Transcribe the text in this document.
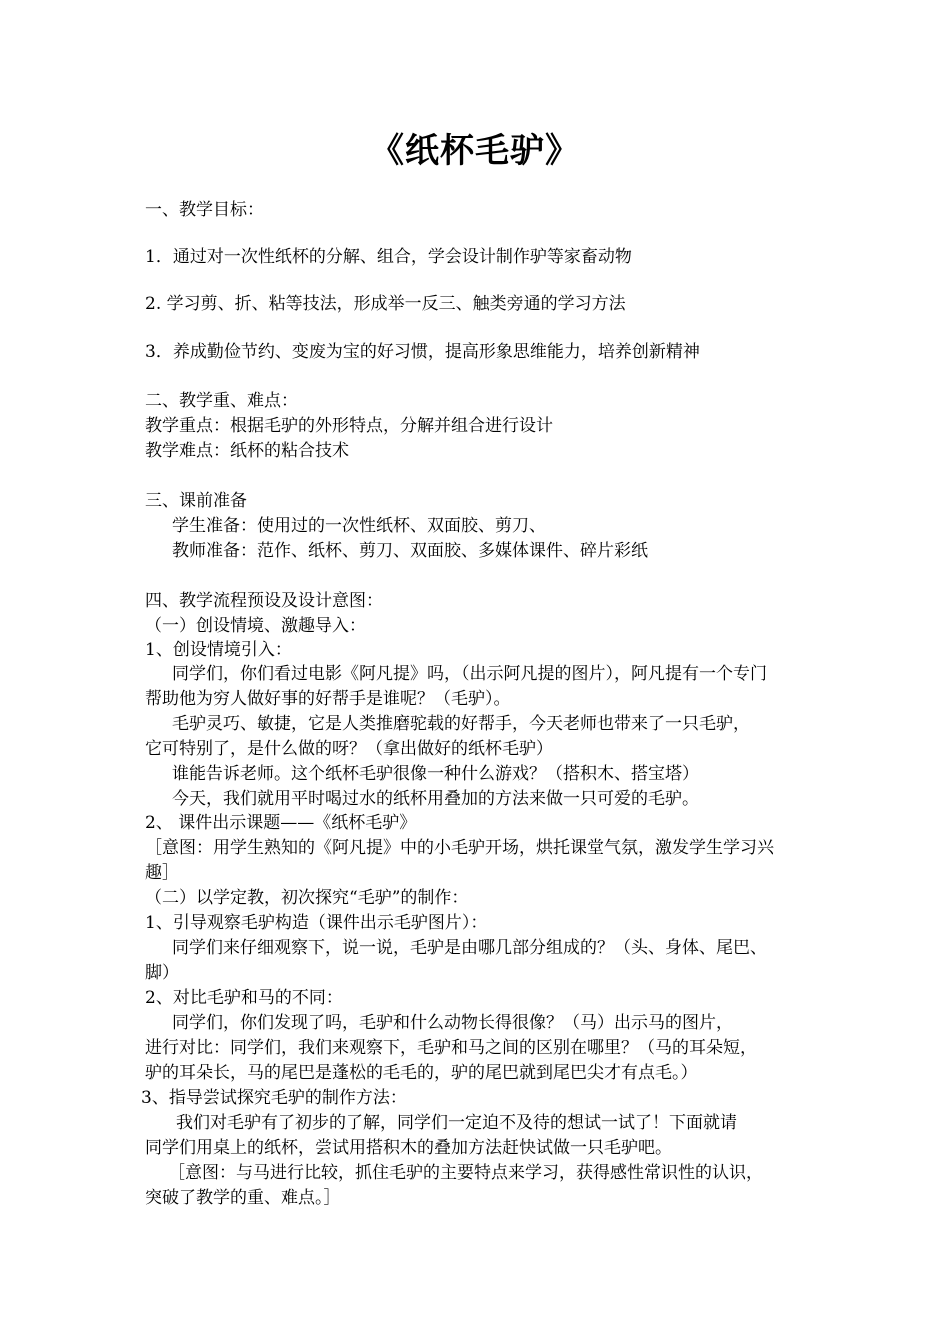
《纸杯毛驴》
一、教学目标：
1．通过对一次性纸杯的分解、组合，学会设计制作驴等家畜动物
2. 学习剪、折、粘等技法，形成举一反三、触类旁通的学习方法
3．养成勤俭节约、变废为宝的好习惯，提高形象思维能力，培养创新精神
二、教学重、难点：
教学重点：根据毛驴的外形特点，分解并组合进行设计
教学难点：纸杯的粘合技术
三、课前准备
学生准备：使用过的一次性纸杯、双面胶、剪刀、
教师准备：范作、纸杯、剪刀、双面胶、多媒体课件、碎片彩纸
四、教学流程预设及设计意图：
（一）创设情境、激趣导入：
1、创设情境引入：
同学们，你们看过电影《阿凡提》吗，（出示阿凡提的图片），阿凡提有一个专门
帮助他为穷人做好事的好帮手是谁呢？（毛驴）。
毛驴灵巧、敏捷，它是人类推磨驼载的好帮手，今天老师也带来了一只毛驴，
它可特别了，是什么做的呀？（拿出做好的纸杯毛驴）
谁能告诉老师。这个纸杯毛驴很像一种什么游戏？（搭积木、搭宝塔）
今天，我们就用平时喝过水的纸杯用叠加的方法来做一只可爱的毛驴。
2、 课件出示课题——《纸杯毛驴》
［意图：用学生熟知的《阿凡提》中的小毛驴开场，烘托课堂气氛，激发学生学习兴
趣］
（二）以学定教，初次探究“毛驴”的制作：
1、引导观察毛驴构造（课件出示毛驴图片）：
同学们来仔细观察下，说一说，毛驴是由哪几部分组成的？（头、身体、尾巴、
脚）
2、对比毛驴和马的不同：
同学们，你们发现了吗，毛驴和什么动物长得很像？（马）出示马的图片，
进行对比：同学们，我们来观察下，毛驴和马之间的区别在哪里？（马的耳朵短，
驴的耳朵长，马的尾巴是蓬松的毛毛的，驴的尾巴就到尾巴尖才有点毛。）
3、指导尝试探究毛驴的制作方法：
我们对毛驴有了初步的了解，同学们一定迫不及待的想试一试了！下面就请
同学们用桌上的纸杯，尝试用搭积木的叠加方法赶快试做一只毛驴吧。
［意图：与马进行比较，抓住毛驴的主要特点来学习，获得感性常识性的认识，
突破了教学的重、难点。］
